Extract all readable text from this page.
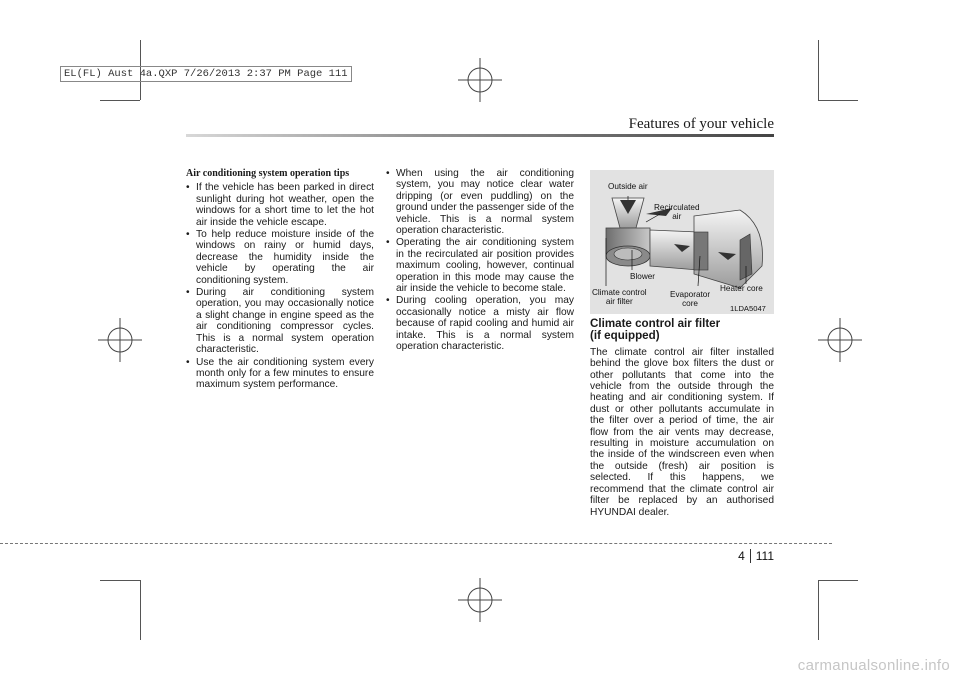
EL(FL) Aust 4a.QXP 7/26/2013 2:37 PM Page 111
Features of your vehicle
Air conditioning system operation tips
• If the vehicle has been parked in direct sunlight during hot weather, open the windows for a short time to let the hot air inside the vehicle escape.
• To help reduce moisture inside of the windows on rainy or humid days, decrease the humidity inside the vehicle by operating the air conditioning system.
• During air conditioning system operation, you may occasionally notice a slight change in engine speed as the air conditioning compressor cycles. This is a normal system operation characteristic.
• Use the air conditioning system every month only for a few minutes to ensure maximum system performance.
• When using the air conditioning system, you may notice clear water dripping (or even puddling) on the ground under the passenger side of the vehicle. This is a normal system operation characteristic.
• Operating the air conditioning system in the recirculated air position provides maximum cooling, however, continual operation in this mode may cause the air inside the vehicle to become stale.
• During cooling operation, you may occasionally notice a misty air flow because of rapid cooling and humid air intake. This is a normal system operation characteristic.
Outside air
Recirculated
air
Blower
Climate control
air filter
Evaporator
core
Heater core
1LDA5047
Climate control air filter
(if equipped)
The climate control air filter installed behind the glove box filters the dust or other pollutants that come into the vehicle from the outside through the heating and air conditioning system. If dust or other pollutants accumulate in the filter over a period of time, the air flow from the air vents may decrease, resulting in moisture accumulation on the inside of the windscreen even when the outside (fresh) air position is selected. If this happens, we recommend that the climate control air filter be replaced by an authorised HYUNDAI dealer.
4 111
carmanualsonline.info
